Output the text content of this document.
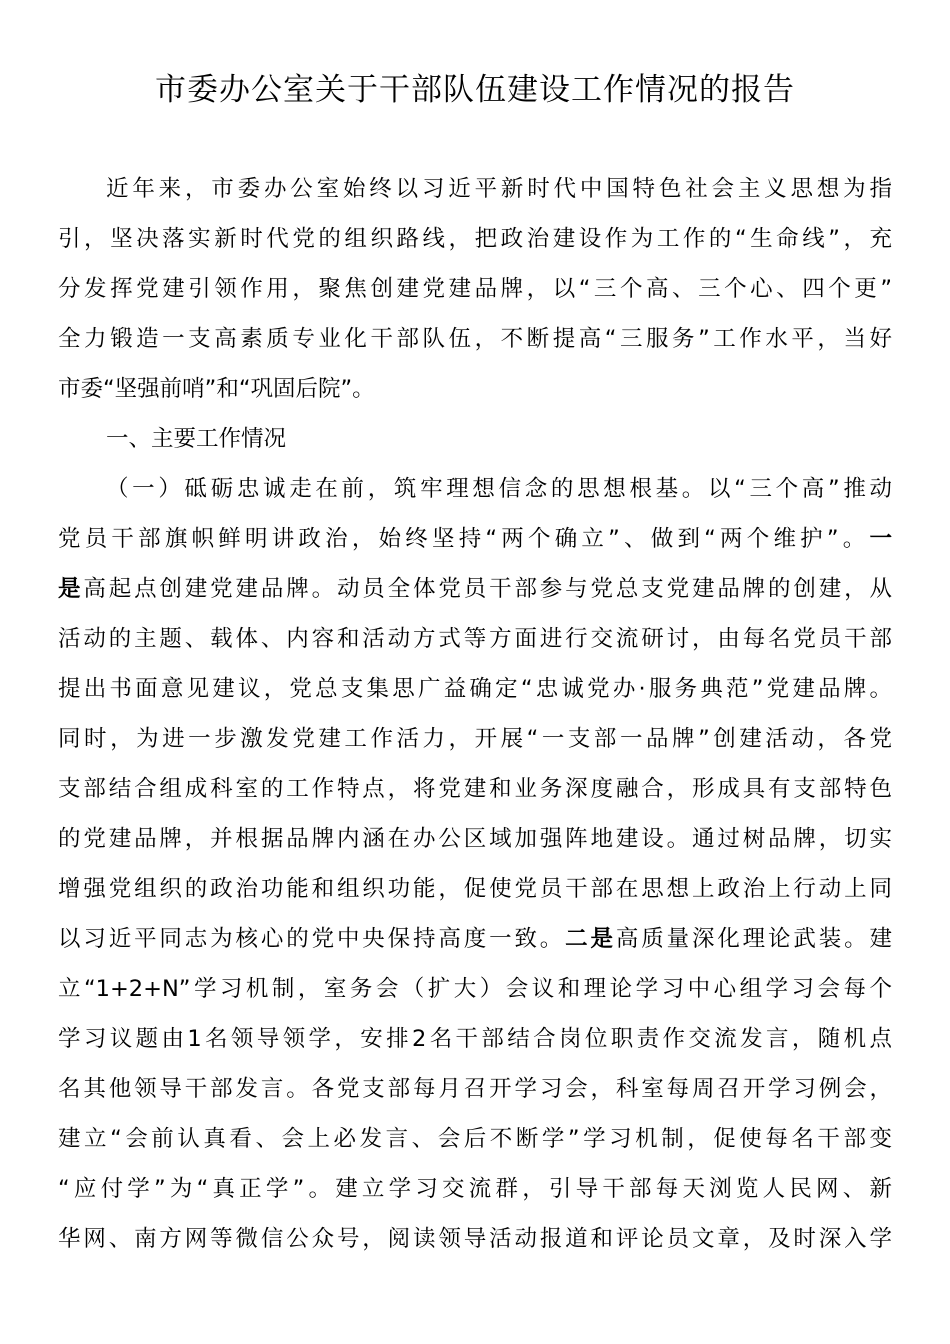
市委办公室关于干部队伍建设工作情况的报告
近年来，市委办公室始终以习近平新时代中国特色社会主义思想为指
引，坚决落实新时代党的组织路线，把政治建设作为工作的“生命线”，充
分发挥党建引领作用，聚焦创建党建品牌，以“三个高、三个心、四个更”
全力锻造一支高素质专业化干部队伍，不断提高“三服务”工作水平，当好
市委“坚强前哨”和“巩固后院”。
一、主要工作情况
（一）砥砺忠诚走在前，筑牢理想信念的思想根基。以“三个高”推动
党员干部旗帜鲜明讲政治，始终坚持“两个确立”、做到“两个维护”。一
是高起点创建党建品牌。动员全体党员干部参与党总支党建品牌的创建，从
活动的主题、载体、内容和活动方式等方面进行交流研讨，由每名党员干部
提出书面意见建议，党总支集思广益确定“忠诚党办·服务典范”党建品牌。
同时，为进一步激发党建工作活力，开展“一支部一品牌”创建活动，各党
支部结合组成科室的工作特点，将党建和业务深度融合，形成具有支部特色
的党建品牌，并根据品牌内涵在办公区域加强阵地建设。通过树品牌，切实
增强党组织的政治功能和组织功能，促使党员干部在思想上政治上行动上同
以习近平同志为核心的党中央保持高度一致。二是高质量深化理论武装。建
立“1+2+N”学习机制，室务会（扩大）会议和理论学习中心组学习会每个
学习议题由1名领导领学，安排2名干部结合岗位职责作交流发言，随机点
名其他领导干部发言。各党支部每月召开学习会，科室每周召开学习例会，
建立“会前认真看、会上必发言、会后不断学”学习机制，促使每名干部变
“应付学”为“真正学”。建立学习交流群，引导干部每天浏览人民网、新
华网、南方网等微信公众号，阅读领导活动报道和评论员文章，及时深入学
